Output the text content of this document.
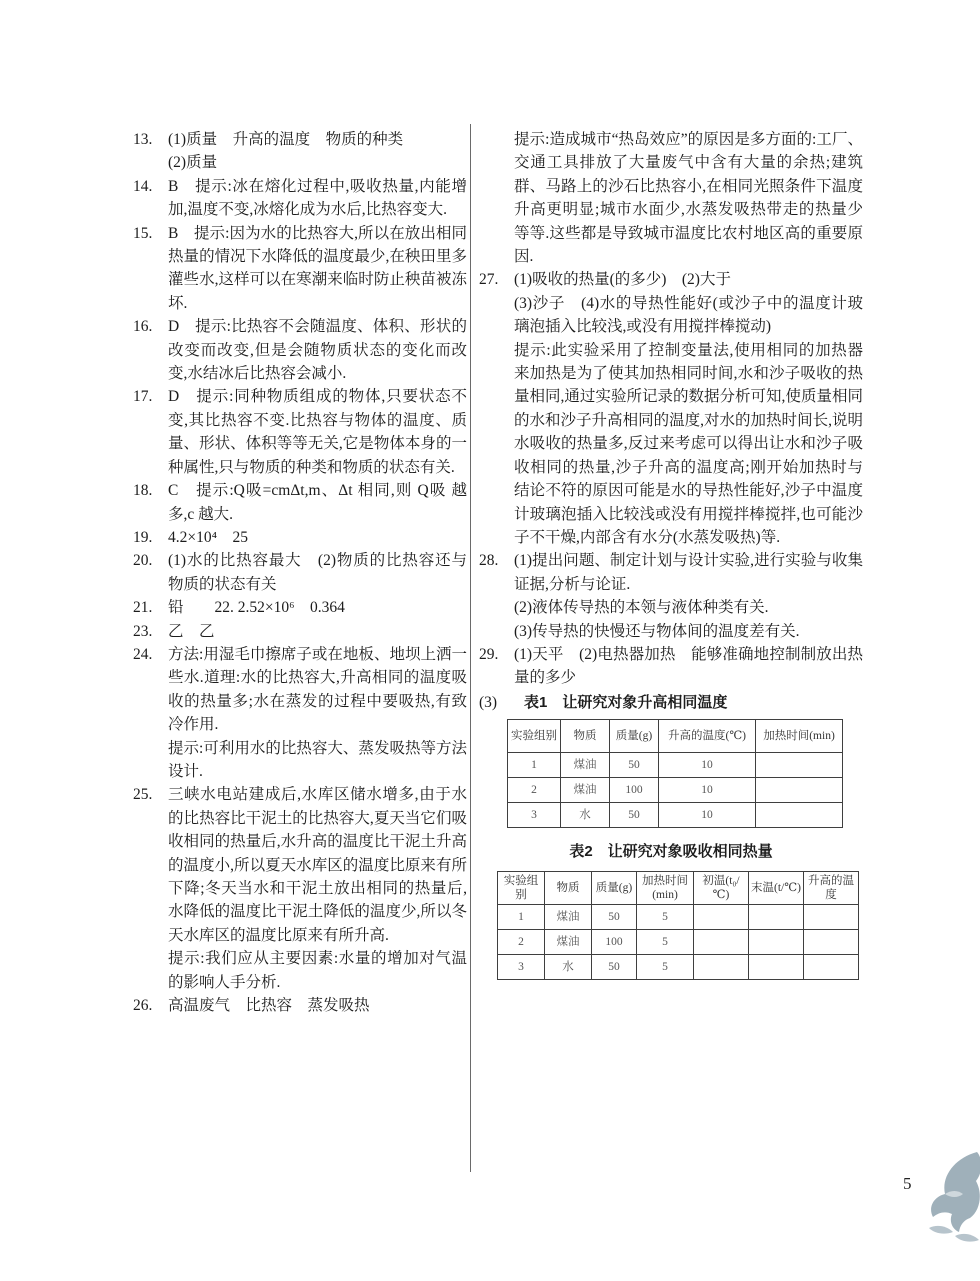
13.	(1)质量　升高的温度　物质的种类

(2)质量

14.	B　提示:冰在熔化过程中,吸收热量,内能增加,温度不变,冰熔化成为水后,比热容变大.

15.	B　提示:因为水的比热容大,所以在放出相同热量的情况下水降低的温度最少,在秧田里多灌些水,这样可以在寒潮来临时防止秧苗被冻坏.

16.	D　提示:比热容不会随温度、体积、形状的改变而改变,但是会随物质状态的变化而改变,水结冰后比热容会减小.

17.	D　提示:同种物质组成的物体,只要状态不变,其比热容不变.比热容与物体的温度、质量、形状、体积等等无关,它是物体本身的一种属性,只与物质的种类和物质的状态有关.

18.	C　提示:Q吸=cmΔt,m、Δt 相同,则 Q吸 越多,c 越大.

19.	4.2×10⁴　25

20.	(1)水的比热容最大　(2)物质的比热容还与物质的状态有关

21.	铅　　22. 2.52×10⁶　0.364

23.	乙　乙

24.	方法:用湿毛巾擦席子或在地板、地坝上洒一些水.道理:水的比热容大,升高相同的温度吸收的热量多;水在蒸发的过程中要吸热,有致冷作用.

提示:可利用水的比热容大、蒸发吸热等方法设计.

25.	三峡水电站建成后,水库区储水增多,由于水的比热容比干泥土的比热容大,夏天当它们吸收相同的热量后,水升高的温度比干泥土升高的温度小,所以夏天水库区的温度比原来有所下降;冬天当水和干泥土放出相同的热量后,水降低的温度比干泥土降低的温度少,所以冬天水库区的温度比原来有所升高.

提示:我们应从主要因素:水量的增加对气温的影响人手分析.

26.	高温废气　比热容　蒸发吸热

提示:造成城市“热岛效应”的原因是多方面的:工厂、交通工具排放了大量废气中含有大量的余热;建筑群、马路上的沙石比热容小,在相同光照条件下温度升高更明显;城市水面少,水蒸发吸热带走的热量少等等.这些都是导致城市温度比农村地区高的重要原因.

27.	(1)吸收的热量(的多少)　(2)大于

(3)沙子　(4)水的导热性能好(或沙子中的温度计玻璃泡插入比较浅,或没有用搅拌棒搅动)

提示:此实验采用了控制变量法,使用相同的加热器来加热是为了使其加热相同时间,水和沙子吸收的热量相同,通过实验所记录的数据分析可知,使质量相同的水和沙子升高相同的温度,对水的加热时间长,说明水吸收的热量多,反过来考虑可以得出让水和沙子吸收相同的热量,沙子升高的温度高;刚开始加热时与结论不符的原因可能是水的导热性能好,沙子中温度计玻璃泡插入比较浅或没有用搅拌棒搅拌,也可能沙子不干燥,内部含有水分(水蒸发吸热)等.

28.	(1)提出问题、制定计划与设计实验,进行实验与收集证据,分析与论证.

(2)液体传导热的本领与液体种类有关.

(3)传导热的快慢还与物体间的温度差有关.

29.	(1)天平　(2)电热器加热　能够准确地控制制放出热量的多少

(3)	表1　让研究对象升高相同温度
实验组别	物质	质量(g)	升高的温度(℃)	加热时间(min)
1	煤油	50	10	
2	煤油	100	10	
3	水	50	10	
表2　让研究对象吸收相同热量
实验组别	物质	质量(g)	加热时间(min)	初温(t₀/℃)	末温(t/℃)	升高的温度
1	煤油	50	5			
2	煤油	100	5			
3	水	50	5			
5
